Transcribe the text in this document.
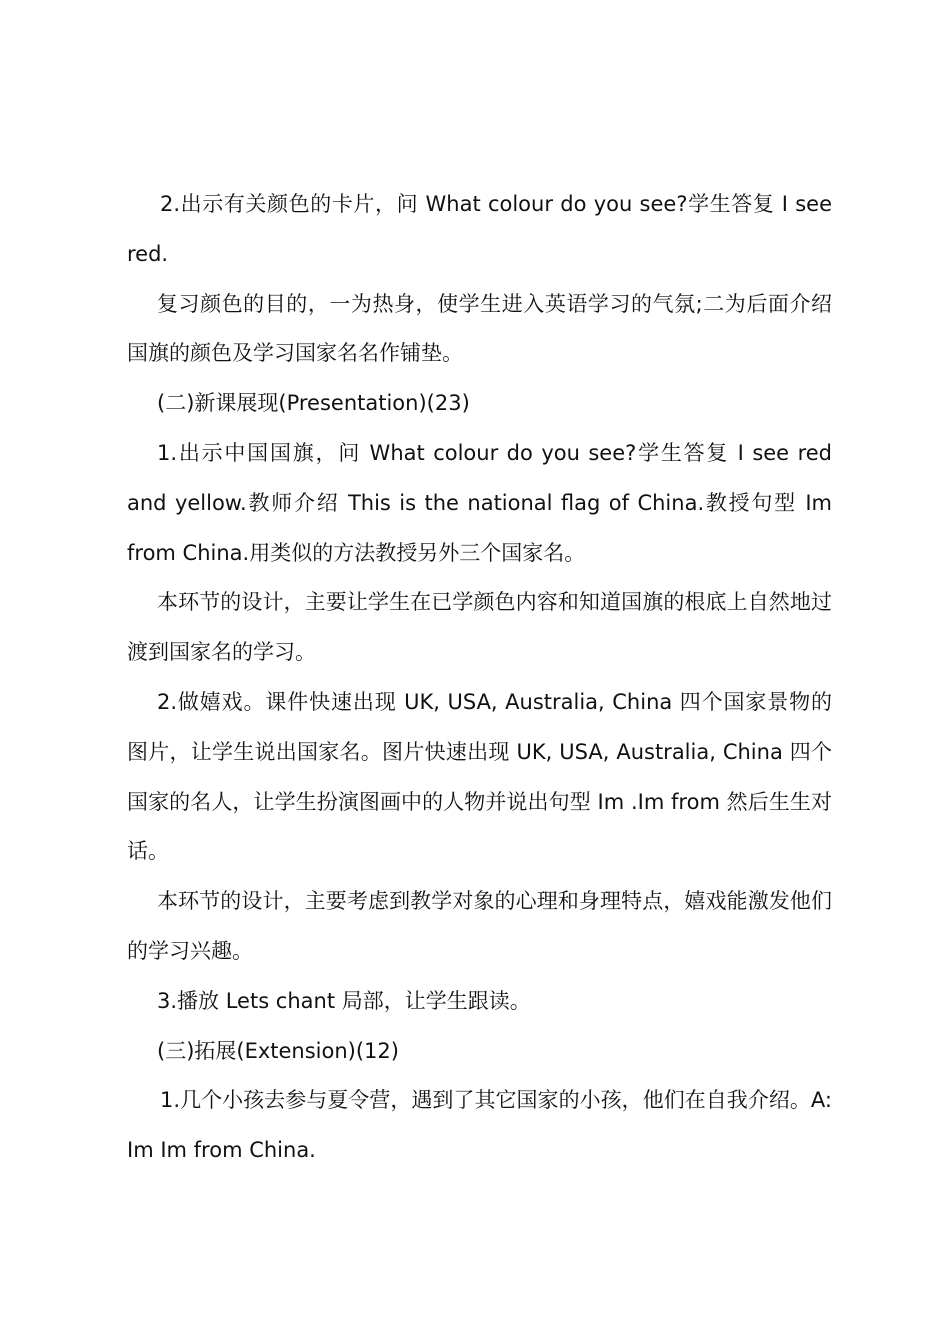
2.出示有关颜色的卡片，问 What colour do you see?学生答复 I see red.

复习颜色的目的，一为热身，使学生进入英语学习的气氛;二为后面介绍国旗的颜色及学习国家名名作铺垫。

(二)新课展现(Presentation)(23)

1.出示中国国旗，问 What colour do you see?学生答复 I see red and yellow.教师介绍 This is the national flag of China.教授句型 Im from China.用类似的方法教授另外三个国家名。

本环节的设计，主要让学生在已学颜色内容和知道国旗的根底上自然地过渡到国家名的学习。

2.做嬉戏。课件快速出现 UK, USA, Australia, China 四个国家景物的图片，让学生说出国家名。图片快速出现 UK, USA, Australia, China 四个国家的名人，让学生扮演图画中的人物并说出句型 Im .Im from 然后生生对话。

本环节的设计，主要考虑到教学对象的心理和身理特点，嬉戏能激发他们的学习兴趣。

3.播放 Lets chant 局部，让学生跟读。

(三)拓展(Extension)(12)

1.几个小孩去参与夏令营，遇到了其它国家的小孩，他们在自我介绍。A: Im Im from China.
